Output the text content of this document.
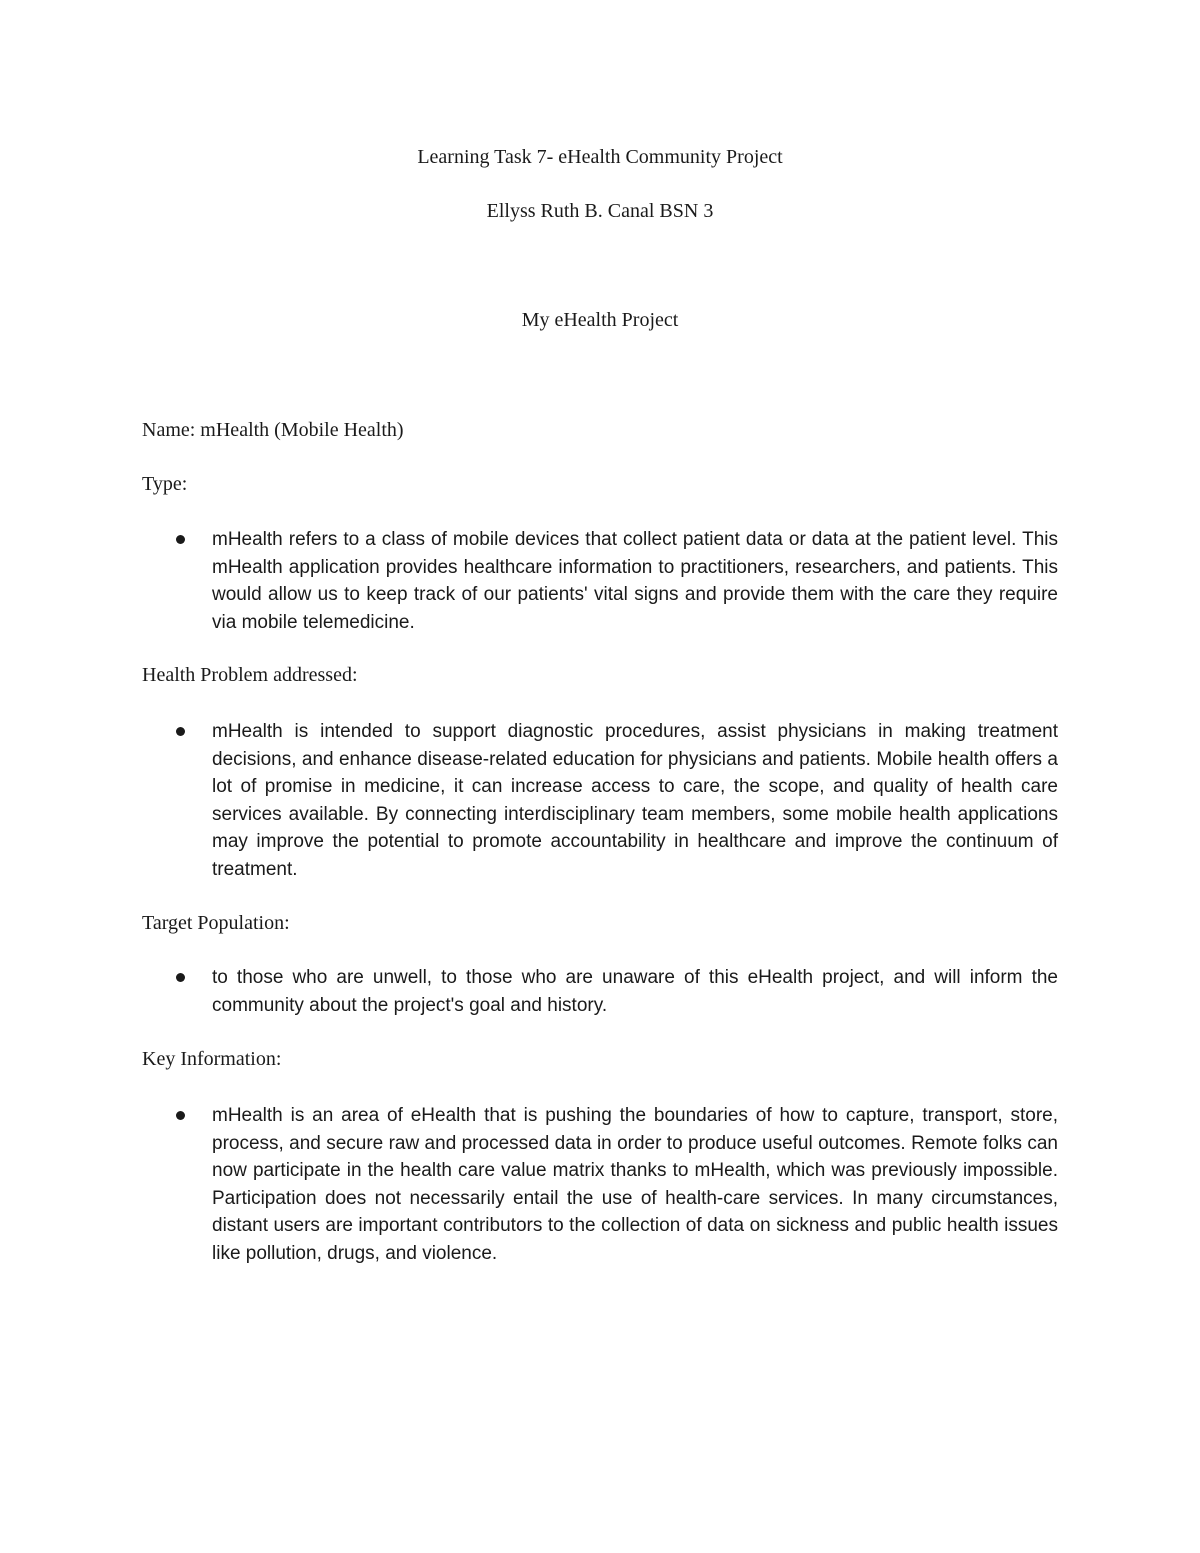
Learning Task 7- eHealth Community Project
Ellyss Ruth B. Canal BSN 3
My eHealth Project
Name: mHealth (Mobile Health)
Type:

mHealth refers to a class of mobile devices that collect patient data or data at the patient level. This mHealth application provides healthcare information to practitioners, researchers, and patients. This would allow us to keep track of our patients' vital signs and provide them with the care they require via mobile telemedicine.

Health Problem addressed:

mHealth is intended to support diagnostic procedures, assist physicians in making treatment decisions, and enhance disease-related education for physicians and patients. Mobile health offers a lot of promise in medicine, it can increase access to care, the scope, and quality of health care services available. By connecting interdisciplinary team members, some mobile health applications may improve the potential to promote accountability in healthcare and improve the continuum of treatment.

Target Population:

to those who are unwell, to those who are unaware of this eHealth project, and will inform the community about the project's goal and history.

Key Information:

mHealth is an area of eHealth that is pushing the boundaries of how to capture, transport, store, process, and secure raw and processed data in order to produce useful outcomes. Remote folks can now participate in the health care value matrix thanks to mHealth, which was previously impossible. Participation does not necessarily entail the use of health-care services. In many circumstances, distant users are important contributors to the collection of data on sickness and public health issues like pollution, drugs, and violence.
